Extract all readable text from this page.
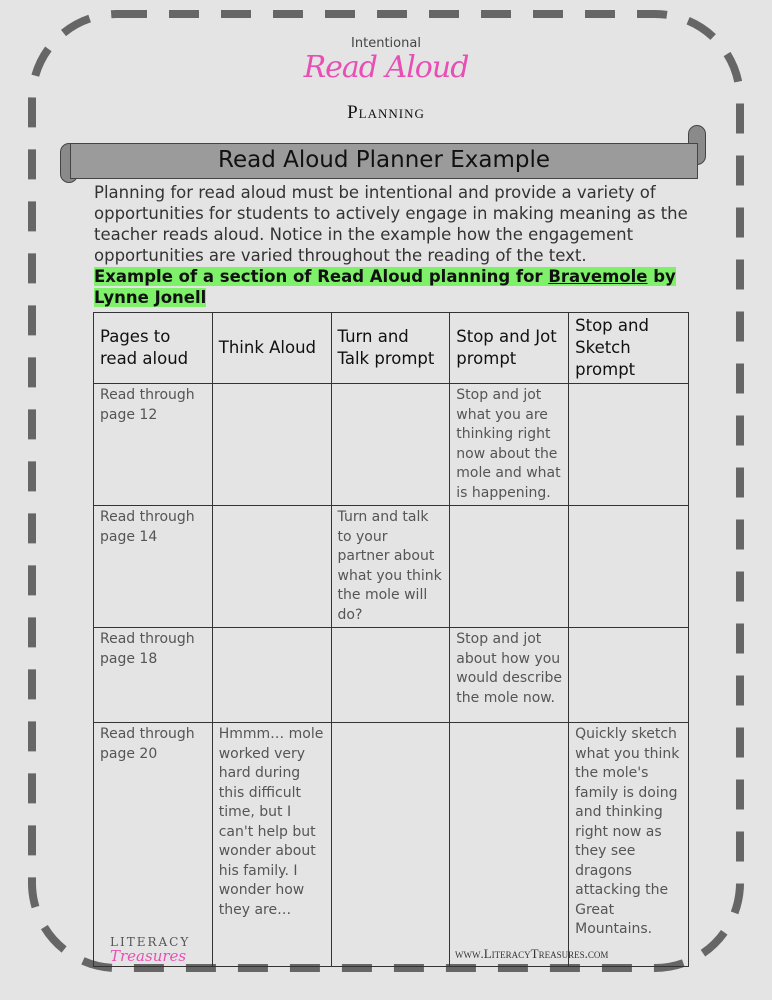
Intentional
Read Aloud
Planning
Read Aloud Planner Example
Planning for read aloud must be intentional and provide a variety of opportunities for students to actively engage in making meaning as the teacher reads aloud. Notice in the example how the engagement opportunities are varied throughout the reading of the text.
Example of a section of Read Aloud planning for Bravemole by Lynne Jonell
Pages to read aloud	Think Aloud	Turn and Talk prompt	Stop and Jot prompt	Stop and Sketch prompt
Read through page 12			Stop and jot what you are thinking right now about the mole and what is happening.	
Read through page 14		Turn and talk to your partner about what you think the mole will do?		
Read through page 18			Stop and jot about how you would describe the mole now.	
Read through page 20	Hmmm… mole worked very hard during this difficult time, but I can't help but wonder about his family. I wonder how they are…			Quickly sketch what you think the mole's family is doing and thinking right now as they see dragons attacking the Great Mountains.
LITERACY
Treasures	www.LiteracyTreasures.com
